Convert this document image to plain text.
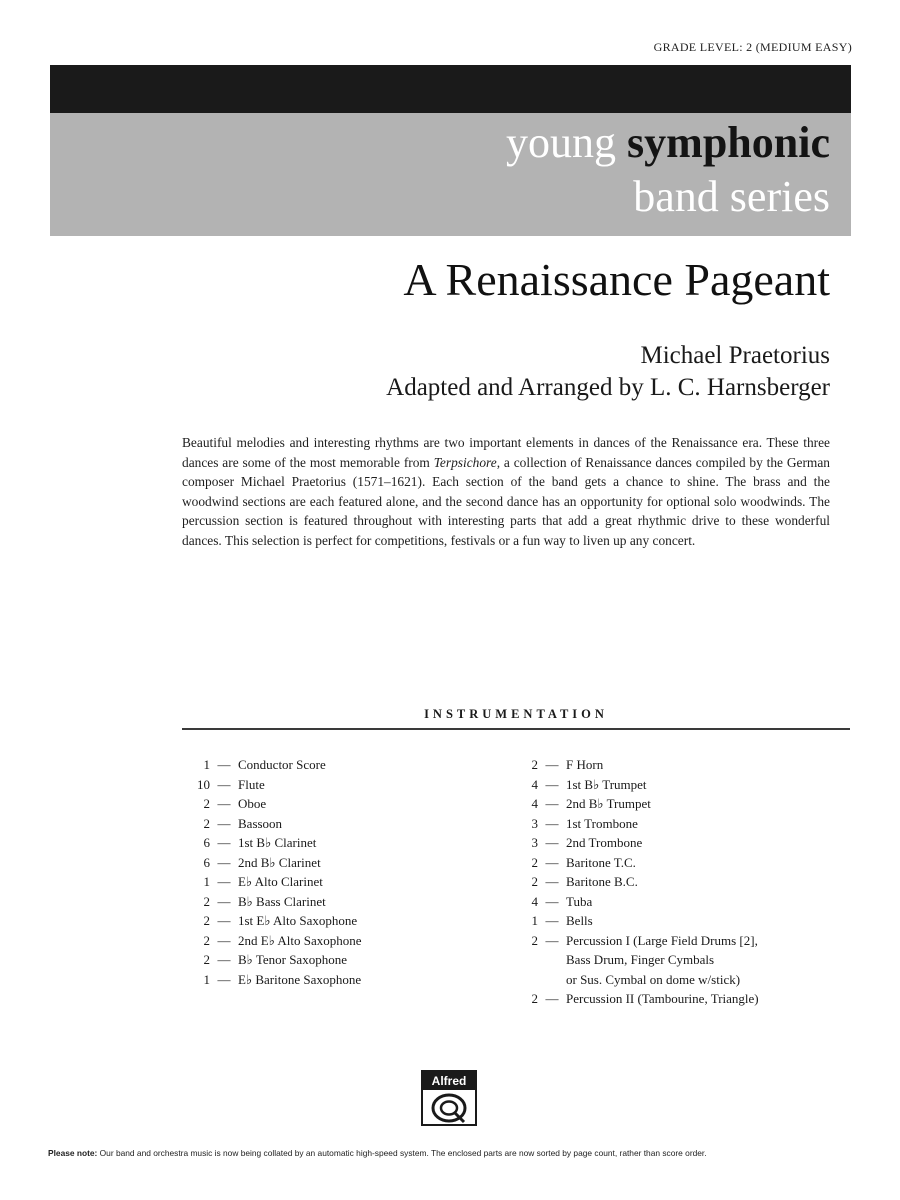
GRADE LEVEL: 2 (MEDIUM EASY)
young symphonic
band series
A Renaissance Pageant
Michael Praetorius
Adapted and Arranged by L. C. Harnsberger

Beautiful melodies and interesting rhythms are two important elements in dances of the Renaissance era. These three dances are some of the most memorable from Terpsichore, a collection of Renaissance dances compiled by the German composer Michael Praetorius (1571–1621). Each section of the band gets a chance to shine. The brass and the woodwind sections are each featured alone, and the second dance has an opportunity for optional solo woodwinds. The percussion section is featured throughout with interesting parts that add a great rhythmic drive to these wonderful dances. This selection is perfect for competitions, festivals or a fun way to liven up any concert.

INSTRUMENTATION
1 — Conductor Score
10 — Flute
2 — Oboe
2 — Bassoon
6 — 1st B♭ Clarinet
6 — 2nd B♭ Clarinet
1 — E♭ Alto Clarinet
2 — B♭ Bass Clarinet
2 — 1st E♭ Alto Saxophone
2 — 2nd E♭ Alto Saxophone
2 — B♭ Tenor Saxophone
1 — E♭ Baritone Saxophone
2 — F Horn
4 — 1st B♭ Trumpet
4 — 2nd B♭ Trumpet
3 — 1st Trombone
3 — 2nd Trombone
2 — Baritone T.C.
2 — Baritone B.C.
4 — Tuba
1 — Bells
2 — Percussion I (Large Field Drums [2],
Bass Drum, Finger Cymbals
or Sus. Cymbal on dome w/stick)
2 — Percussion II (Tambourine, Triangle)
Alfred
Please note: Our band and orchestra music is now being collated by an automatic high-speed system. The enclosed parts are now sorted by page count, rather than score order.
